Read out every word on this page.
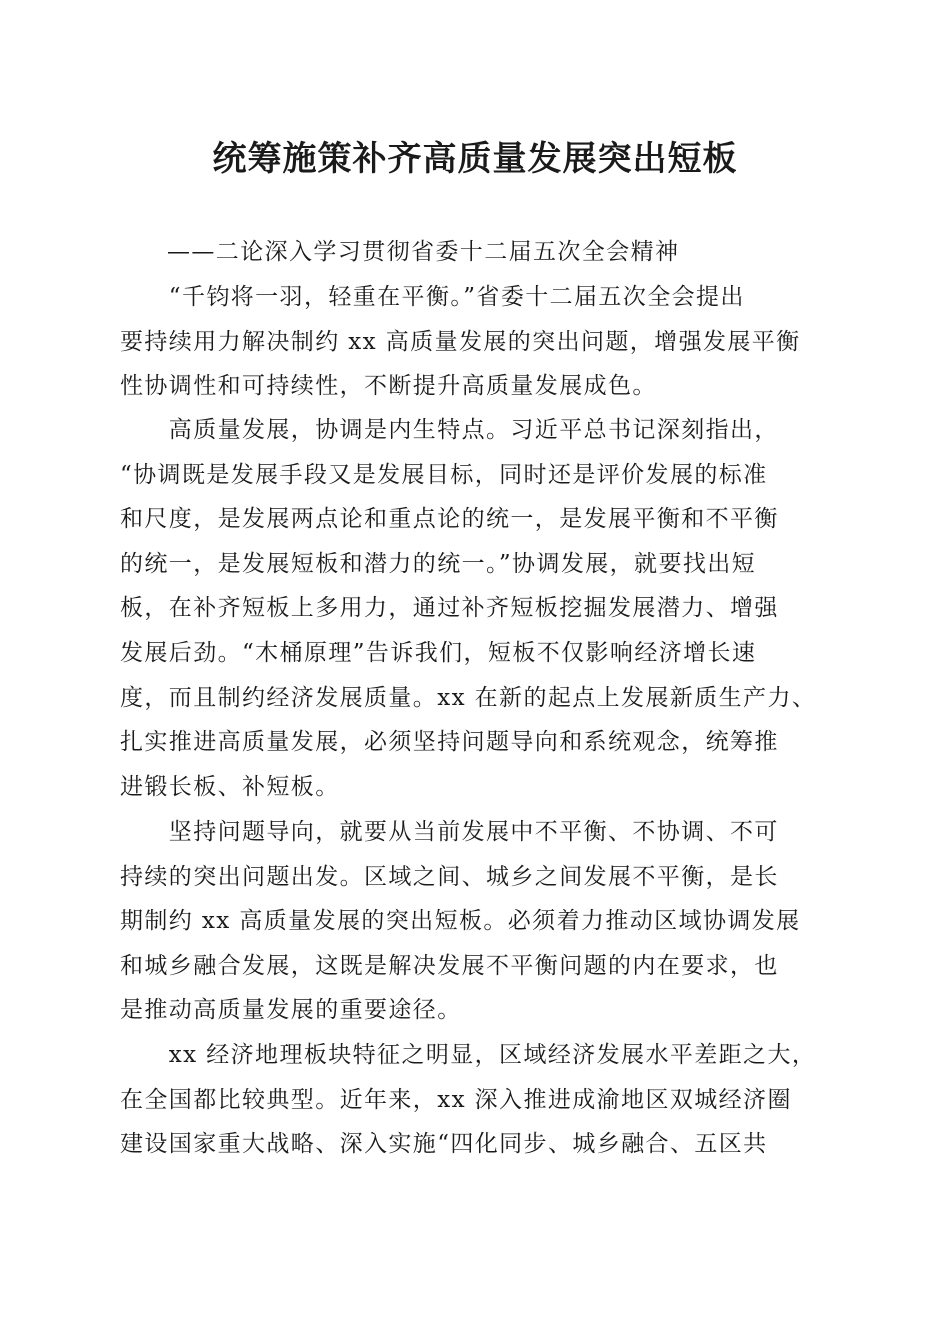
统筹施策补齐高质量发展突出短板
——二论深入学习贯彻省委十二届五次全会精神
　　“千钧将一羽，轻重在平衡。”省委十二届五次全会提出
要持续用力解决制约 xx 高质量发展的突出问题，增强发展平衡
性协调性和可持续性，不断提升高质量发展成色。
　　高质量发展，协调是内生特点。习近平总书记深刻指出，
“协调既是发展手段又是发展目标，同时还是评价发展的标准
和尺度，是发展两点论和重点论的统一，是发展平衡和不平衡
的统一，是发展短板和潜力的统一。”协调发展，就要找出短
板，在补齐短板上多用力，通过补齐短板挖掘发展潜力、增强
发展后劲。“木桶原理”告诉我们，短板不仅影响经济增长速
度，而且制约经济发展质量。xx 在新的起点上发展新质生产力、
扎实推进高质量发展，必须坚持问题导向和系统观念，统筹推
进锻长板、补短板。
　　坚持问题导向，就要从当前发展中不平衡、不协调、不可
持续的突出问题出发。区域之间、城乡之间发展不平衡，是长
期制约 xx 高质量发展的突出短板。必须着力推动区域协调发展
和城乡融合发展，这既是解决发展不平衡问题的内在要求，也
是推动高质量发展的重要途径。
　　xx 经济地理板块特征之明显，区域经济发展水平差距之大，
在全国都比较典型。近年来，xx 深入推进成渝地区双城经济圈
建设国家重大战略、深入实施“四化同步、城乡融合、五区共
